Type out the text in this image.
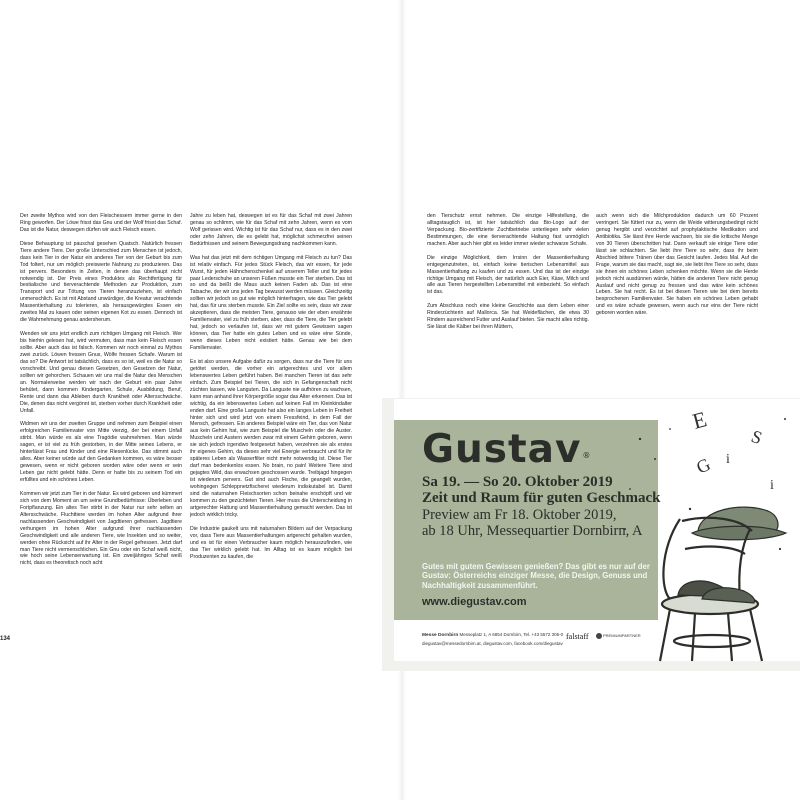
Der zweite Mythos wird von den Fleischessern immer gerne in den Ring geworfen. Der Löwe frisst das Gnu und der Wolf frisst das Schaf. Das ist die Natur, deswegen dürfen wir auch Fleisch essen.

Diese Behauptung ist pauschal gesehen Quatsch. Natürlich fressen Tiere andere Tiere. Der große Unterschied zum Menschen ist jedoch, dass kein Tier in der Natur ein anderes Tier von der Geburt bis zum Tod foltert, nur um möglich preiswerte Nahrung zu produzieren. Das ist pervers. Besonders in Zeiten, in denen das überhaupt nicht notwendig ist. Der Preis eines Produktes als Rechtfertigung für bestialische und tierverachtende Methoden zur Produktion, zum Transport und zur Tötung von Tieren heranzuziehen, ist einfach unmenschlich. Es ist mit Abstand unwürdiger, die Kreatur verachtende Massentierhaltung zu tolerieren, als herausgewürgtes Essen ein zweites Mal zu kauen oder seinen eigenen Kot zu essen. Dennoch ist die Wahrnehmung genau andersherum.

Wenden wir uns jetzt endlich zum richtigen Umgang mit Fleisch. Wer bis hierhin gelesen hat, wird vermuten, dass man kein Fleisch essen sollte. Aber auch das ist falsch. Kommen wir noch einmal zu Mythos zwei zurück. Löwen fressen Gnus, Wölfe fressen Schafe. Warum ist das so? Die Antwort ist tatsächlich, dass es so ist, weil es die Natur so vorschreibt. Und genau diesen Gesetzen, den Gesetzen der Natur, sollten wir gehorchen. Schauen wir uns mal die Natur des Menschen an. Normalerweise werden wir nach der Geburt ein paar Jahre behütet, dann kommen Kindergarten, Schule, Ausbildung, Beruf, Rente und dann das Ableben durch Krankheit oder Altersschwäche. Die, denen das nicht vergönnt ist, sterben vorher durch Krankheit oder Unfall.

Widmen wir uns der zweiten Gruppe und nehmen zum Beispiel einen erfolgreichen Familienvater von Mitte vierzig, der bei einem Unfall stirbt. Man würde es als eine Tragödie wahrnehmen. Man würde sagen, er ist viel zu früh gestorben, in der Mitte seines Lebens, er hinterlässt Frau und Kinder und eine Riesenlücke. Das stimmt auch alles. Aber keiner würde auf den Gedanken kommen, es wäre besser gewesen, wenn er nicht geboren worden wäre oder wenn er sein Leben gar nicht gelebt hätte. Denn er hatte bis zu seinem Tod ein erfülltes und ein schönes Leben.

Kommen wir jetzt zum Tier in der Natur. Es wird geboren und kümmert sich von dem Moment an um seine Grundbedürfnisse: Überleben und Fortpflanzung. Ein altes Tier stirbt in der Natur nur sehr selten an Altersschwäche. Fluchttiere werden im hohen Alter aufgrund ihrer nachlassenden Geschwindigkeit von Jagdtieren gefressen. Jagdtiere verhungern im hohen Alter aufgrund ihrer nachlassenden Geschwindigkeit und alle anderen Tiere, wie Insekten und so weiter, werden ohne Rücksicht auf ihr Alter in der Regel gefressen. Jetzt darf man Tiere nicht vermenschlichen. Ein Gnu oder ein Schaf weiß nicht, wie hoch seine Lebenserwartung ist. Ein zweijähriges Schaf weiß nicht, dass es theoretisch noch acht

Jahre zu leben hat, deswegen ist es für das Schaf mit zwei Jahren genau so schlimm, wie für das Schaf mit zehn Jahren, wenn es vom Wolf gerissen wird. Wichtig ist für das Schaf nur, dass es in den zwei oder zehn Jahren, die es gelebt hat, möglichst schmerzfrei seinen Bedürfnissen und seinem Bewegungsdrang nachkommen kann.

Was hat das jetzt mit dem richtigen Umgang mit Fleisch zu tun? Das ist relativ einfach. Für jedes Stück Fleisch, das wir essen, für jede Wurst, für jeden Hähnchenschenkel auf unserem Teller und für jedes paar Lederschuhe an unseren Füßen musste ein Tier sterben. Das ist so und da beißt die Maus auch keinen Faden ab. Das ist eine Tatsache, der wir uns jeden Tag bewusst werden müssen. Gleichzeitig sollten wir jedoch so gut wie möglich hinterfragen, wie das Tier gelebt hat, das für uns sterben musste. Ein Ziel sollte es sein, dass wir zwar akzeptieren, dass die meisten Tiere, genauso wie der eben erwähnte Familienvater, viel zu früh sterben, aber, dass die Tiere, die Tier gelebt hat, jedoch so verlaufen ist, dass wir mit gutem Gewissen sagen können, das Tier hatte ein gutes Leben und es wäre eine Sünde, wenn dieses Leben nicht existiert hätte. Genau wie bei dem Familienvater.

Es ist also unsere Aufgabe dafür zu sorgen, dass nur die Tiere für uns getötet werden, die vorher ein artgerechtes und vor allem lebenswertes Leben geführt haben. Bei manchen Tieren ist das sehr einfach. Zum Beispiel bei Tieren, die sich in Gefangenschaft nicht züchten lassen, wie Languten. Da Languste nie aufhören zu wachsen, kann man anhand ihrer Körpergröße sogar das Alter erkennen. Das ist wichtig, da ein lebenswertes Leben auf keinen Fall im Kleinkindalter enden darf. Eine große Languste hat also ein langes Leben in Freiheit hinter sich und wird jetzt von einem Fressfeind, in dem Fall der Mensch, gefressen. Ein anderes Beispiel wäre ein Tier, das von Natur aus kein Gehirn hat, wie zum Beispiel die Muscheln oder die Auster. Muscheln und Austern werden zwar mit einem Gehirn geboren, wenn sie sich jedoch irgendwo festgesetzt haben, verzehren sie als erstes ihr eigenes Gehirn, da dieses sehr viel Energie verbraucht und für ihr späteres Leben als Wasserfilter nicht mehr notwendig ist. Diese Tier darf man bedenkenlos essen. No brain, no pain! Weitere Tiere sind gejagtes Wild, das erwachsen geschossen wurde. Treibjagd hingegen ist wiederum pervers. Gut sind auch Fische, die geangelt wurden, wohingegen Schleppnetzfischerei wiederum indiskutabel ist. Damit sind die naturnahen Fleischsorten schon beinahe erschöpft und wir kommen zu den gezüchteten Tieren. Hier muss die Unterscheidung in artgerechter Haltung und Massentierhaltung gemacht werden. Das ist jedoch wirklich tricky.

Die Industrie gaukelt uns mit naturnahen Bildern auf der Verpackung vor, dass Tiere aus Massentierhaltungen artgerecht gehalten wurden, und es ist für einen Verbraucher kaum möglich herauszufinden, wie das Tier wirklich gelebt hat. Im Alltag ist es kaum möglich bei Produzenten zu kaufen, die

134

den Tierschutz ernst nehmen. Die einzige Hilfestellung, die alltagstauglich ist, ist hier tatsächlich das Bio-Logo auf der Verpackung. Bio-zertifizierte Zuchtbetriebe unterliegen sehr vielen Bestimmungen, die eine tierverachtende Haltung fast unmöglich machen. Aber auch hier gibt es leider immer wieder schwarze Schafe.

Die einzige Möglichkeit, dem Irrsinn der Massentierhaltung entgegenzutreten, ist, einfach keine tierischen Lebensmittel aus Massentierhaltung zu kaufen und zu essen. Und das ist der einzige richtige Umgang mit Fleisch, der natürlich auch Eier, Käse, Milch und alle aus Tieren hergestellten Lebensmittel mit einbezieht. So einfach ist das.

Zum Abschluss noch eine kleine Geschichte aus dem Leben einer Rinderzüchterin auf Mallorca. Sie hat Weideflächen, die etwa 30 Rindern ausreichend Futter und Auslauf bieten. Sie macht alles richtig. Sie lässt die Kälber bei ihren Müttern,

auch wenn sich die Milchproduktion dadurch um 60 Prozent verringert. Sie füttert nur zu, wenn die Weide witterungsbedingt nicht genug hergibt und verzichtet auf prophylaktische Medikation und Antibiotika. Sie lässt ihre Herde wachsen, bis sie die kritische Menge von 30 Tieren überschritten hat. Dann verkauft sie einige Tiere oder lässt sie schlachten. Sie liebt ihre Tiere so sehr, dass ihr beim Abschied bittere Tränen über das Gesicht laufen. Jedes Mal. Auf die Frage, warum sie das macht, sagt sie, sie liebt ihre Tiere so sehr, dass sie ihnen ein schönes Leben schenken möchte. Wenn sie die Herde jedoch nicht ausdünnen würde, hätten die anderen Tiere nicht genug Auslauf und nicht genug zu fressen und das wäre kein schönes Leben. Sie hat recht. Es ist bei diesen Tieren wie bei dem bereits besprochenen Familienvater. Sie haben ein schönes Leben gehabt und es wäre schade gewesen, wenn auch nur eins der Tiere nicht geboren worden wäre.

E
S
i
G
i
Gustav®
Sa 19. — So 20. Oktober 2019
Zeit und Raum für guten Geschmack
Preview am Fr 18. Oktober 2019,
ab 18 Uhr, Messequartier Dornbirn, A
Gutes mit gutem Gewissen genießen? Das gibt es nur auf der Gustav: Österreichs einziger Messe, die Design, Genuss und Nachhaltigkeit zusammenführt.
www.diegustav.com
Messe Dornbirn Messeplatz 1, A 6854 Dornbirn, Tel. +43 5572 305-0
diegustav@messedornbirn.at, diegustav.com, facebook.com/diegustav
falstaff	PREMIUMPARTNER
